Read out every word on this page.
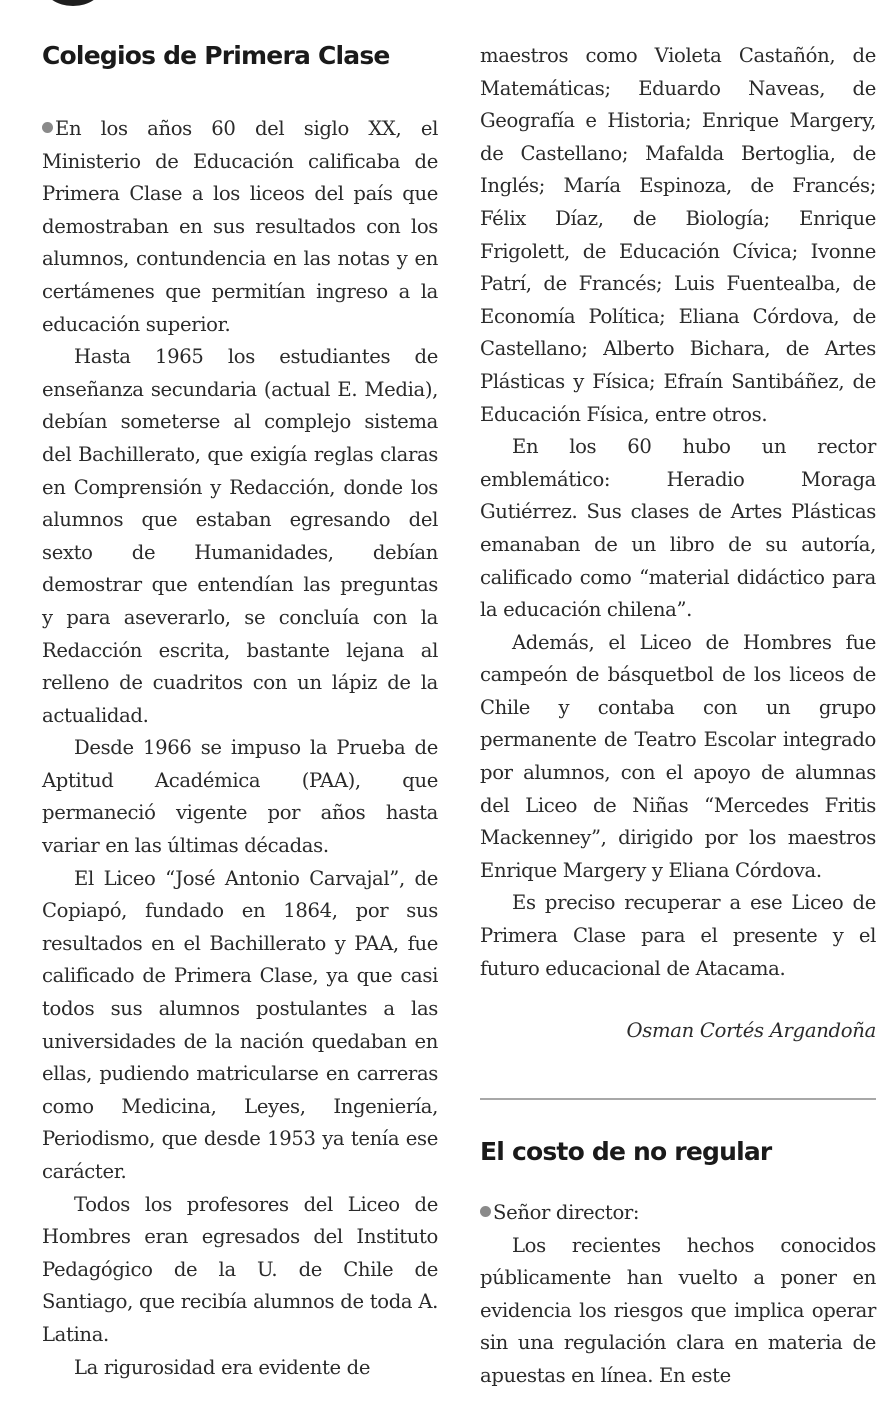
Colegios de Primera Clase

En los años 60 del siglo XX, el Ministerio de Educación calificaba de Primera Clase a los liceos del país que demostraban en sus resultados con los alumnos, contundencia en las notas y en certámenes que permitían ingreso a la educación superior.

Hasta 1965 los estudiantes de enseñanza secundaria (actual E. Media), debían someterse al complejo sistema del Bachillerato, que exigía reglas claras en Comprensión y Redacción, donde los alumnos que estaban egresando del sexto de Humanidades, debían demostrar que entendían las preguntas y para aseverarlo, se concluía con la Redacción escrita, bastante lejana al relleno de cuadritos con un lápiz de la actualidad.

Desde 1966 se impuso la Prueba de Aptitud Académica (PAA), que permaneció vigente por años hasta variar en las últimas décadas.

El Liceo “José Antonio Carvajal”, de Copiapó, fundado en 1864, por sus resultados en el Bachillerato y PAA, fue calificado de Primera Clase, ya que casi todos sus alumnos postulantes a las universidades de la nación quedaban en ellas, pudiendo matricularse en carreras como Medicina, Leyes, Ingeniería, Periodismo, que desde 1953 ya tenía ese carácter.

Todos los profesores del Liceo de Hombres eran egresados del Instituto Pedagógico de la U. de Chile de Santiago, que recibía alumnos de toda A. Latina.

La rigurosidad era evidente de

maestros como Violeta Castañón, de Matemáticas; Eduardo Naveas, de Geografía e Historia; Enrique Margery, de Castellano; Mafalda Bertoglia, de Inglés; María Espinoza, de Francés; Félix Díaz, de Biología; Enrique Frigolett, de Educación Cívica; Ivonne Patrí, de Francés; Luis Fuentealba, de Economía Política; Eliana Córdova, de Castellano; Alberto Bichara, de Artes Plásticas y Física; Efraín Santibáñez, de Educación Física, entre otros.

En los 60 hubo un rector emblemático: Heradio Moraga Gutiérrez. Sus clases de Artes Plásticas emanaban de un libro de su autoría, calificado como “material didáctico para la educación chilena”.

Además, el Liceo de Hombres fue campeón de básquetbol de los liceos de Chile y contaba con un grupo permanente de Teatro Escolar integrado por alumnos, con el apoyo de alumnas del Liceo de Niñas “Mercedes Fritis Mackenney”, dirigido por los maestros Enrique Margery y Eliana Córdova.

Es preciso recuperar a ese Liceo de Primera Clase para el presente y el futuro educacional de Atacama.

Osman Cortés Argandoña
El costo de no regular

Señor director:

Los recientes hechos conocidos públicamente han vuelto a poner en evidencia los riesgos que implica operar sin una regulación clara en materia de apuestas en línea. En este
